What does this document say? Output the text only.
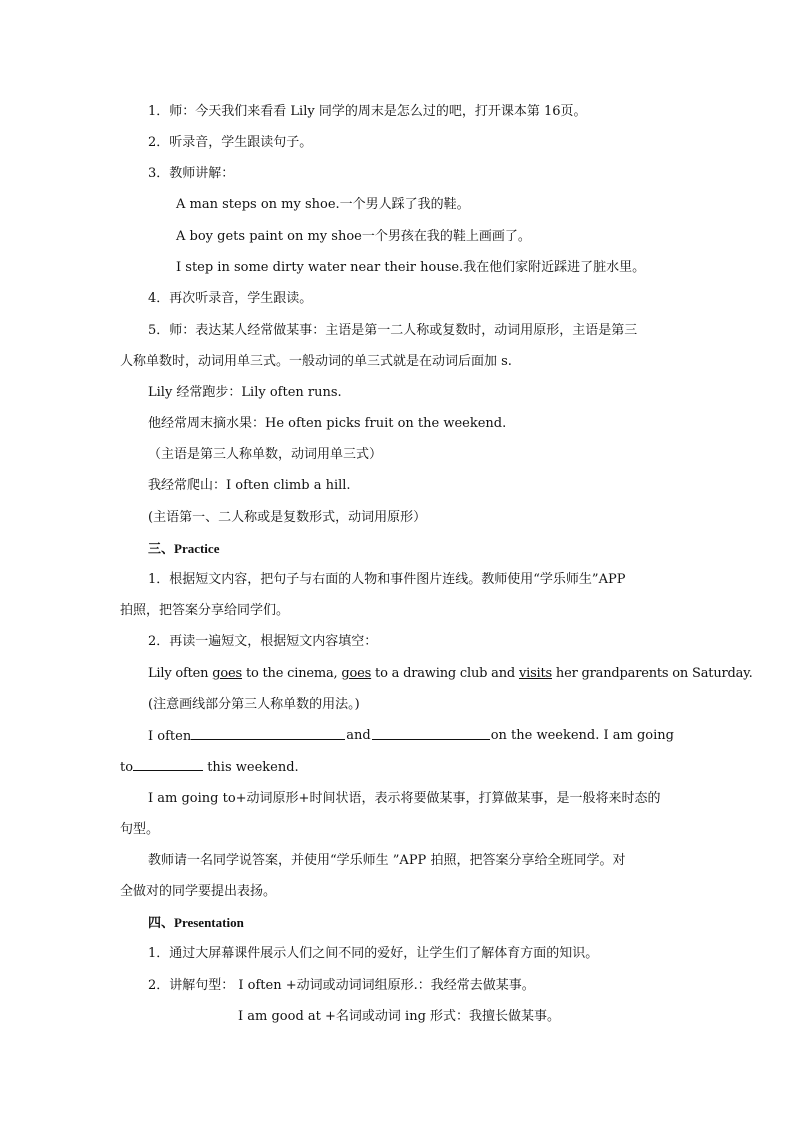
1．师：今天我们来看看 Lily 同学的周末是怎么过的吧，打开课本第 16页。
2．听录音，学生跟读句子。
3．教师讲解：
A man steps on my shoe.一个男人踩了我的鞋。
A boy gets paint on my shoe一个男孩在我的鞋上画画了。
I step in some dirty water near their house.我在他们家附近踩进了脏水里。
4．再次听录音，学生跟读。
5．师：表达某人经常做某事：主语是第一二人称或复数时，动词用原形，主语是第三
人称单数时，动词用单三式。一般动词的单三式就是在动词后面加 s.
Lily 经常跑步：Lily often runs.
他经常周末摘水果：He often picks fruit on the weekend.
（主语是第三人称单数，动词用单三式）
我经常爬山：I often climb a hill.
(主语第一、二人称或是复数形式，动词用原形）
三、Practice
1．根据短文内容，把句子与右面的人物和事件图片连线。教师使用“学乐师生”APP
拍照，把答案分享给同学们。
2．再读一遍短文，根据短文内容填空：
Lily often goes to the cinema, goes to a drawing club and visits her grandparents on Saturday.
(注意画线部分第三人称单数的用法。)
I often	and	on the weekend. I am going
to	this weekend.
I am going to+动词原形+时间状语，表示将要做某事，打算做某事，是一般将来时态的
句型。
教师请一名同学说答案，并使用“学乐师生 ”APP 拍照，把答案分享给全班同学。对
全做对的同学要提出表扬。
四、Presentation
1．通过大屏幕课件展示人们之间不同的爱好，让学生们了解体育方面的知识。
2．讲解句型： I often +动词或动词词组原形.：我经常去做某事。
I am good at +名词或动词 ing 形式：我擅长做某事。
